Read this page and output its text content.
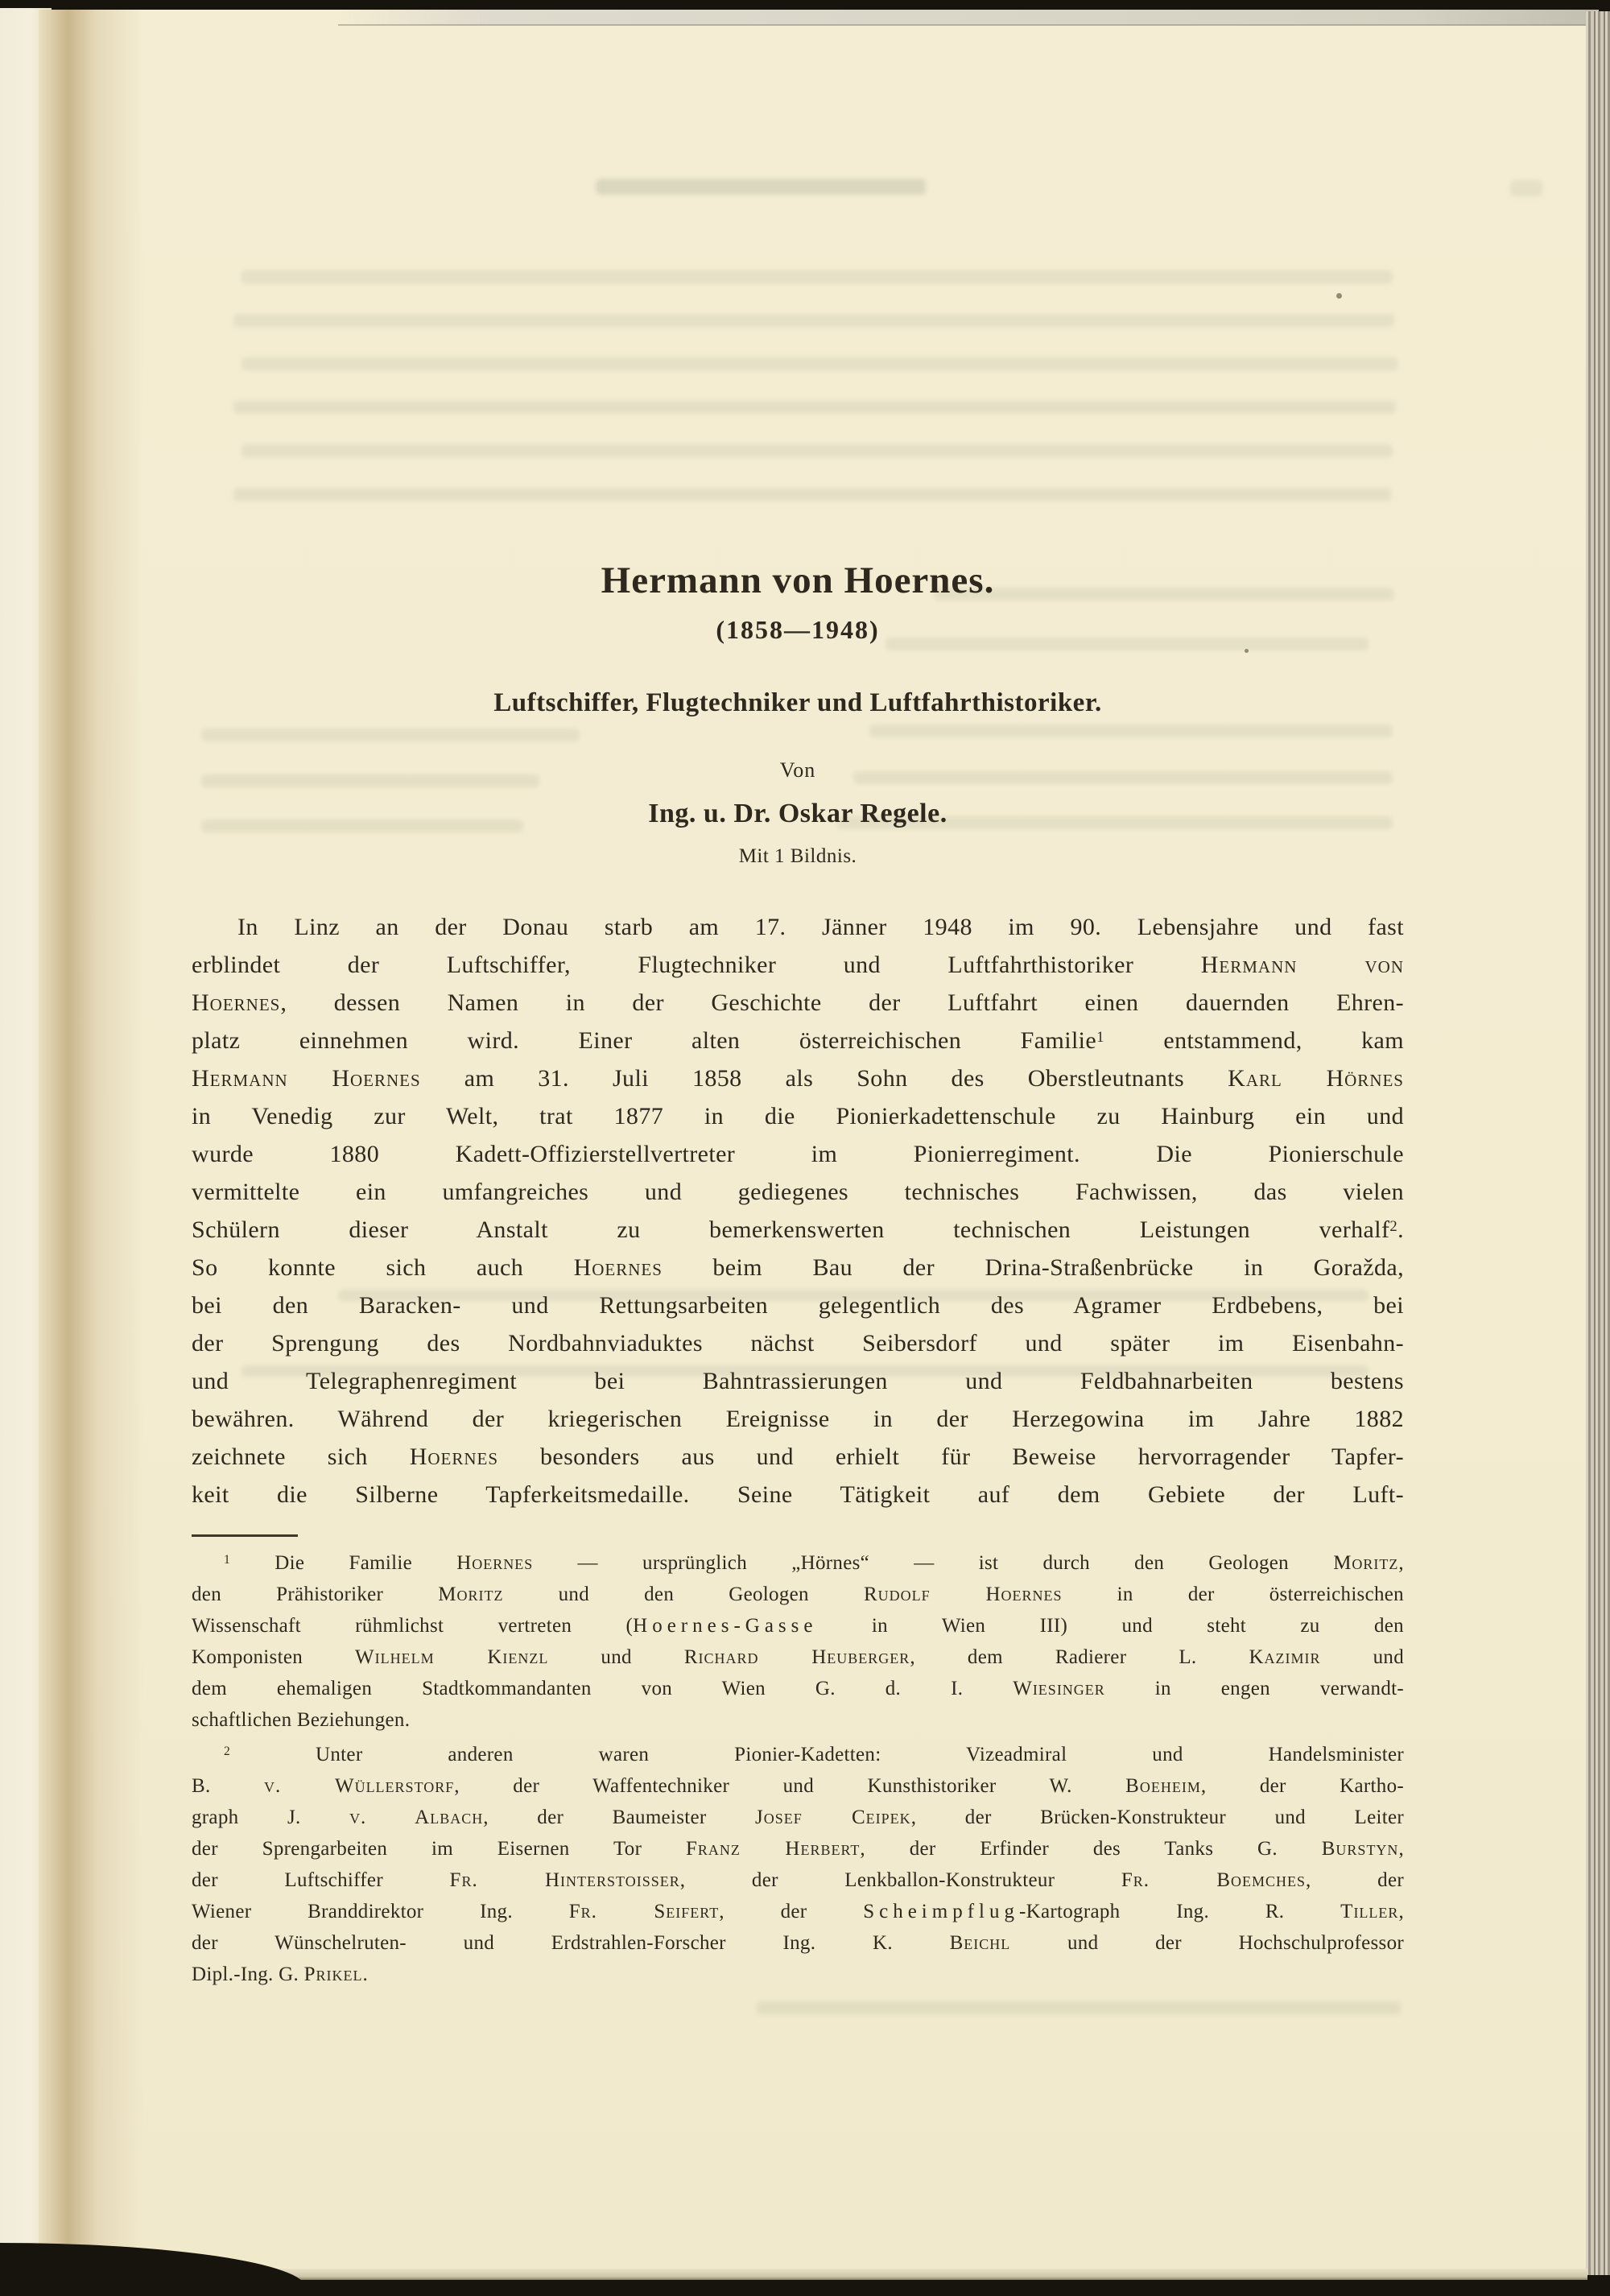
Hermann von Hoernes.
(1858—1948)
Luftschiffer, Flugtechniker und Luftfahrthistoriker.
Von
Ing. u. Dr. Oskar Regele.
Mit 1 Bildnis.
In Linz an der Donau starb am 17. Jänner 1948 im 90. Lebensjahre und fast
erblindet der Luftschiffer, Flugtechniker und Luftfahrthistoriker Hermann von
Hoernes, dessen Namen in der Geschichte der Luftfahrt einen dauernden Ehren-
platz einnehmen wird. Einer alten österreichischen Familie$^1$ entstammend, kam
Hermann Hoernes am 31. Juli 1858 als Sohn des Oberstleutnants Karl Hörnes
in Venedig zur Welt, trat 1877 in die Pionierkadettenschule zu Hainburg ein und
wurde 1880 Kadett-Offizierstellvertreter im Pionierregiment. Die Pionierschule
vermittelte ein umfangreiches und gediegenes technisches Fachwissen, das vielen
Schülern dieser Anstalt zu bemerkenswerten technischen Leistungen verhalf$^2$.
So konnte sich auch Hoernes beim Bau der Drina-Straßenbrücke in Goražda,
bei den Baracken- und Rettungsarbeiten gelegentlich des Agramer Erdbebens, bei
der Sprengung des Nordbahnviaduktes nächst Seibersdorf und später im Eisenbahn-
und Telegraphenregiment bei Bahntrassierungen und Feldbahnarbeiten bestens
bewähren. Während der kriegerischen Ereignisse in der Herzegowina im Jahre 1882
zeichnete sich Hoernes besonders aus und erhielt für Beweise hervorragender Tapfer-
keit die Silberne Tapferkeitsmedaille. Seine Tätigkeit auf dem Gebiete der Luft-
$^1$ Die Familie Hoernes — ursprünglich „Hörnes“ — ist durch den Geologen Moritz,
den Prähistoriker Moritz und den Geologen Rudolf Hoernes in der österreichischen
Wissenschaft rühmlichst vertreten (Hoernes-Gasse in Wien III) und steht zu den
Komponisten Wilhelm Kienzl und Richard Heuberger, dem Radierer L. Kazimir und
dem ehemaligen Stadtkommandanten von Wien G. d. I. Wiesinger in engen verwandt-
schaftlichen Beziehungen.
$^2$ Unter anderen waren Pionier-Kadetten: Vizeadmiral und Handelsminister
B. v. Wüllerstorf, der Waffentechniker und Kunsthistoriker W. Boeheim, der Kartho-
graph J. v. Albach, der Baumeister Josef Ceipek, der Brücken-Konstrukteur und Leiter
der Sprengarbeiten im Eisernen Tor Franz Herbert, der Erfinder des Tanks G. Burstyn,
der Luftschiffer Fr. Hinterstoisser, der Lenkballon-Konstrukteur Fr. Boemches, der
Wiener Branddirektor Ing. Fr. Seifert, der Scheimpflug-Kartograph Ing. R. Tiller,
der Wünschelruten- und Erdstrahlen-Forscher Ing. K. Beichl und der Hochschulprofessor
Dipl.-Ing. G. Prikel.
